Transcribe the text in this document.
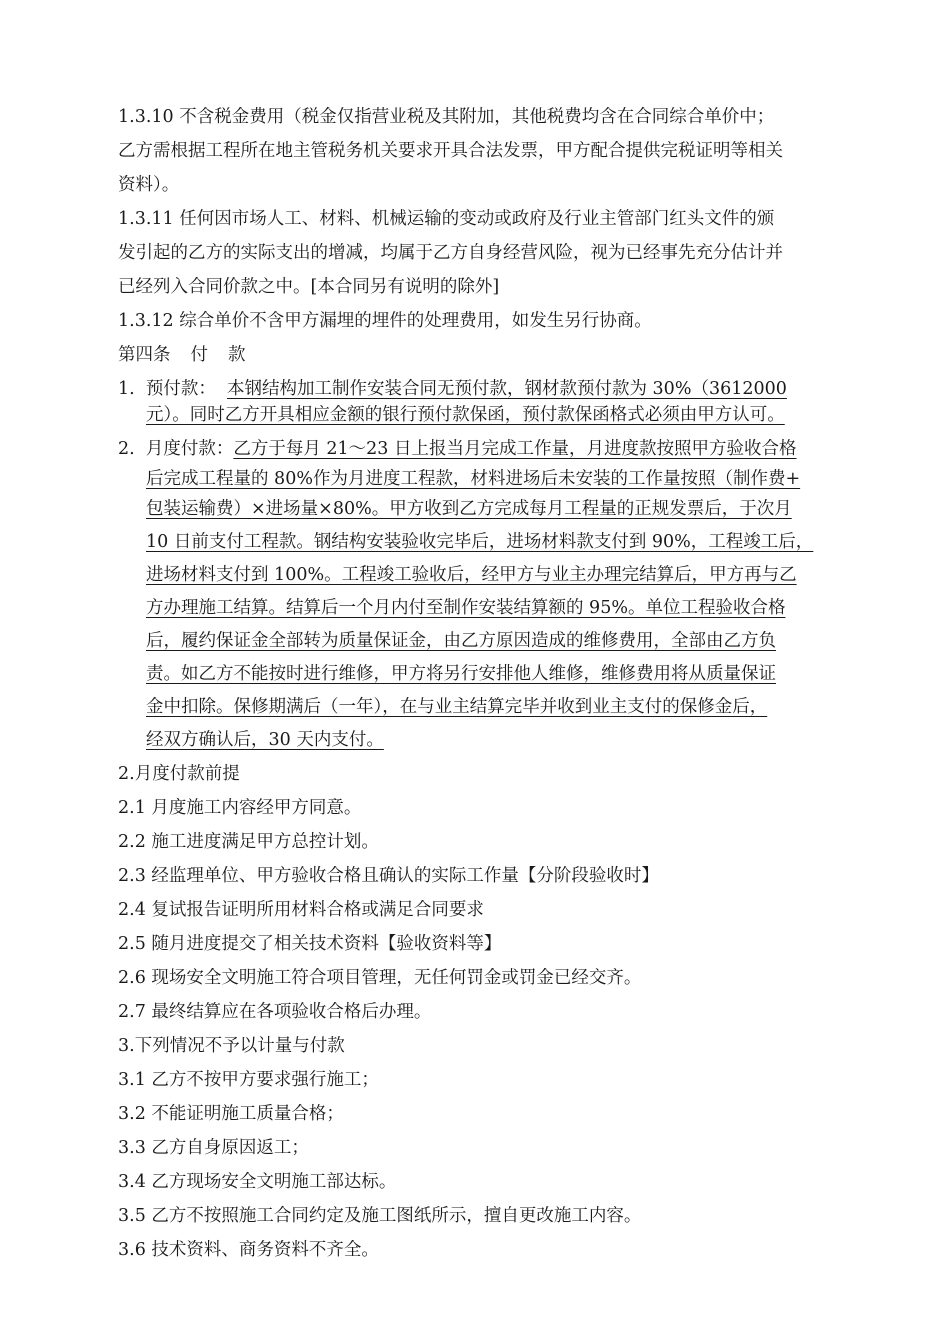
1.3.10 不含税金费用（税金仅指营业税及其附加，其他税费均含在合同综合单价中；
乙方需根据工程所在地主管税务机关要求开具合法发票，甲方配合提供完税证明等相关
资料）。
1.3.11 任何因市场人工、材料、机械运输的变动或政府及行业主管部门红头文件的颁
发引起的乙方的实际支出的增减，均属于乙方自身经营风险，视为已经事先充分估计并
已经列入合同价款之中。[本合同另有说明的除外]
1.3.12 综合单价不含甲方漏埋的埋件的处理费用，如发生另行协商。
第四条 付 款
1. 预付款： 本钢结构加工制作安装合同无预付款，钢材款预付款为 30%（3612000
元）。同时乙方开具相应金额的银行预付款保函，预付款保函格式必须由甲方认可。
2. 月度付款：乙方于每月 21～23 日上报当月完成工作量，月进度款按照甲方验收合格
后完成工程量的 80%作为月进度工程款，材料进场后未安装的工作量按照（制作费+
包装运输费）×进场量×80%。甲方收到乙方完成每月工程量的正规发票后，于次月
10 日前支付工程款。钢结构安装验收完毕后，进场材料款支付到 90%，工程竣工后，
进场材料支付到 100%。工程竣工验收后，经甲方与业主办理完结算后，甲方再与乙
方办理施工结算。结算后一个月内付至制作安装结算额的 95%。单位工程验收合格
后，履约保证金全部转为质量保证金，由乙方原因造成的维修费用，全部由乙方负
责。如乙方不能按时进行维修，甲方将另行安排他人维修，维修费用将从质量保证
金中扣除。保修期满后（一年），在与业主结算完毕并收到业主支付的保修金后，
经双方确认后，30 天内支付。
2.月度付款前提
2.1 月度施工内容经甲方同意。
2.2 施工进度满足甲方总控计划。
2.3 经监理单位、甲方验收合格且确认的实际工作量【分阶段验收时】
2.4 复试报告证明所用材料合格或满足合同要求
2.5 随月进度提交了相关技术资料【验收资料等】
2.6 现场安全文明施工符合项目管理，无任何罚金或罚金已经交齐。
2.7 最终结算应在各项验收合格后办理。
3.下列情况不予以计量与付款
3.1 乙方不按甲方要求强行施工；
3.2 不能证明施工质量合格；
3.3 乙方自身原因返工；
3.4 乙方现场安全文明施工部达标。
3.5 乙方不按照施工合同约定及施工图纸所示，擅自更改施工内容。
3.6 技术资料、商务资料不齐全。
